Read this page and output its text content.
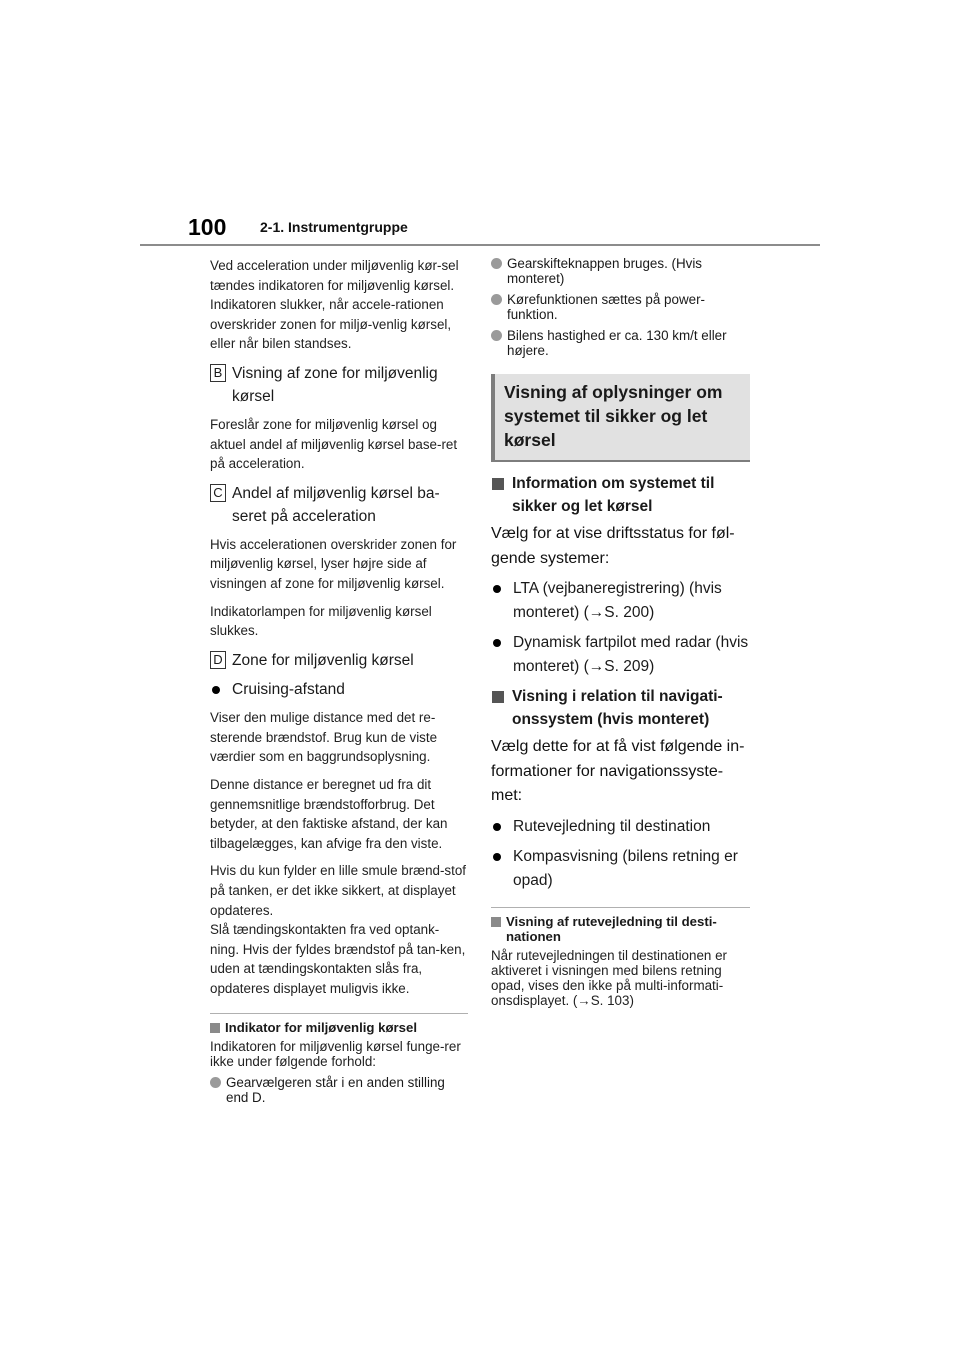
100 2-1. Instrumentgruppe

Ved acceleration under miljøvenlig kør-sel tændes indikatoren for miljøvenlig kørsel. Indikatoren slukker, når accele-rationen overskrider zonen for miljø-venlig kørsel, eller når bilen standses.

B Visning af zone for miljøvenlig kørsel

Foreslår zone for miljøvenlig kørsel og aktuel andel af miljøvenlig kørsel base-ret på acceleration.

C Andel af miljøvenlig kørsel ba-seret på acceleration

Hvis accelerationen overskrider zonen for miljøvenlig kørsel, lyser højre side af visningen af zone for miljøvenlig kørsel.

Indikatorlampen for miljøvenlig kørsel slukkes.

D Zone for miljøvenlig kørsel
Cruising-afstand

Viser den mulige distance med det re-sterende brændstof. Brug kun de viste værdier som en baggrundsoplysning.

Denne distance er beregnet ud fra dit gennemsnitlige brændstofforbrug. Det betyder, at den faktiske afstand, der kan tilbagelægges, kan afvige fra den viste.

Hvis du kun fylder en lille smule brænd-stof på tanken, er det ikke sikkert, at displayet opdateres.

Slå tændingskontakten fra ved optank-ning. Hvis der fyldes brændstof på tan-ken, uden at tændingskontakten slås fra, opdateres displayet muligvis ikke.

Indikator for miljøvenlig kørsel
Indikatoren for miljøvenlig kørsel funge-rer ikke under følgende forhold:
Gearvælgeren står i en anden stilling end D.
Gearskifteknappen bruges. (Hvis monteret)
Kørefunktionen sættes på power-funktion.
Bilens hastighed er ca. 130 km/t eller højere.
Visning af oplysninger om systemet til sikker og let kørsel
Information om systemet til sikker og let kørsel
Vælg for at vise driftsstatus for føl-gende systemer:
LTA (vejbaneregistrering) (hvis monteret) (→S. 200)
Dynamisk fartpilot med radar (hvis monteret) (→S. 209)
Visning i relation til navigati-onssystem (hvis monteret)
Vælg dette for at få vist følgende in-formationer for navigationssyste-met:
Rutevejledning til destination
Kompasvisning (bilens retning er opad)
Visning af rutevejledning til desti-nationen
Når rutevejledningen til destinationen er aktiveret i visningen med bilens retning opad, vises den ikke på multi-informati-onsdisplayet. (→S. 103)
